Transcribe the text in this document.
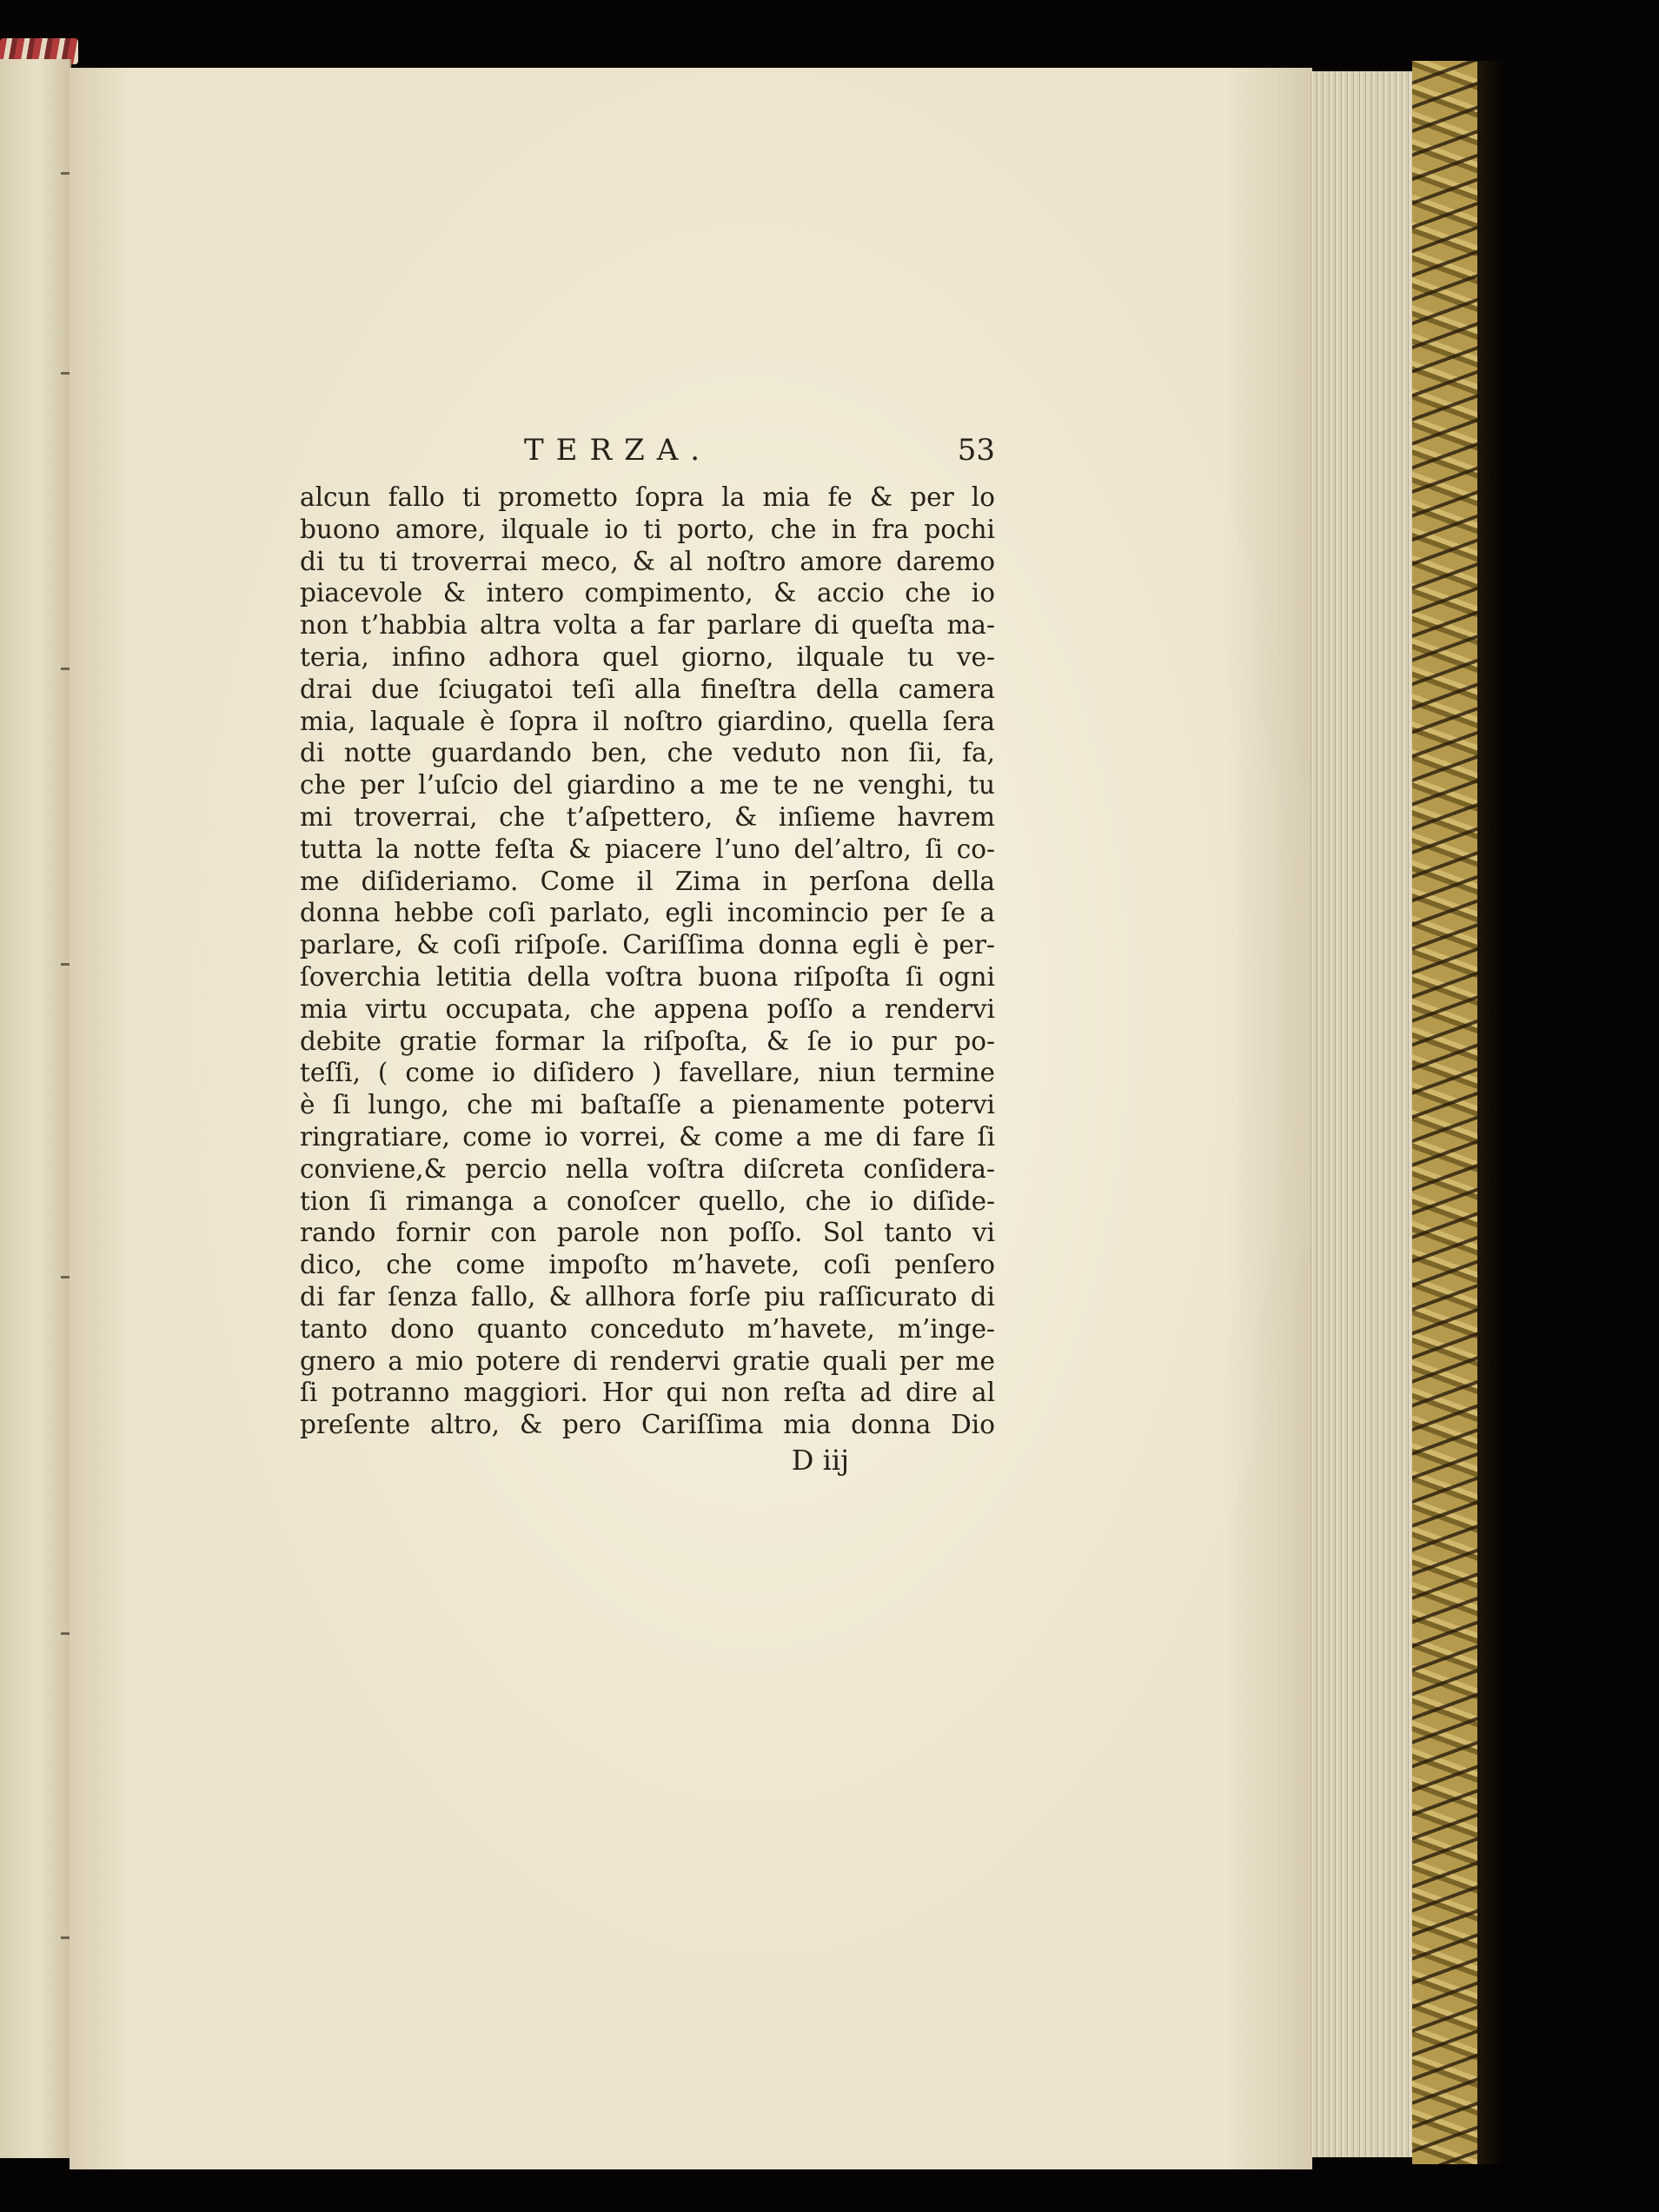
TERZA.	53
alcun fallo ti prometto ſopra la mia fe & per lo
buono amore, ilquale io ti porto, che in fra pochi
di tu ti troverrai meco, & al noſtro amore daremo
piacevole & intero compimento, & accio che io
non t’habbia altra volta a far parlare di queſta ma-
teria, infino adhora quel giorno, ilquale tu ve-
drai due ſciugatoi teſi alla fineſtra della camera
mia, laquale è ſopra il noſtro giardino, quella ſera
di notte guardando ben, che veduto non ſii, fa,
che per l’uſcio del giardino a me te ne venghi, tu
mi troverrai, che t’aſpettero, & inſieme havrem
tutta la notte feſta & piacere l’uno del’altro, ſi co-
me diſideriamo. Come il Zima in perſona della
donna hebbe coſi parlato, egli incomincio per ſe a
parlare, & coſi riſpoſe. Cariſſima donna egli è per-
ſoverchia letitia della voſtra buona riſpoſta ſi ogni
mia virtu occupata, che appena poſſo a rendervi
debite gratie formar la riſpoſta, & ſe io pur po-
teſſi, ( come io diſidero ) favellare, niun termine
è ſi lungo, che mi baſtaſſe a pienamente potervi
ringratiare, come io vorrei, & come a me di fare ſi
conviene,& percio nella voſtra diſcreta conſidera-
tion ſi rimanga a conoſcer quello, che io diſide-
rando fornir con parole non poſſo. Sol tanto vi
dico, che come impoſto m’havete, coſi penſero
di far ſenza fallo, & allhora forſe piu raſſicurato di
tanto dono quanto conceduto m’havete, m’inge-
gnero a mio potere di rendervi gratie quali per me
ſi potranno maggiori. Hor qui non reſta ad dire al
preſente altro, & pero Cariſſima mia donna Dio
D iij
